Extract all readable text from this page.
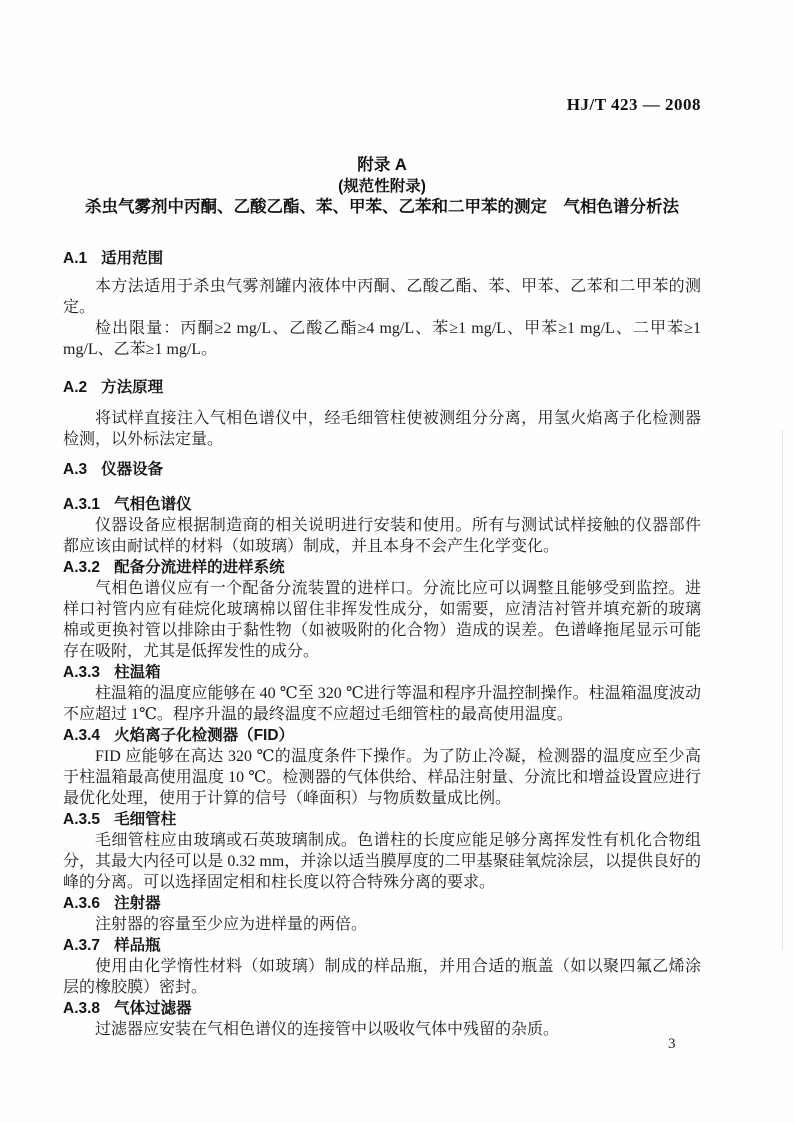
HJ/T 423 — 2008
附录 A
(规范性附录)
杀虫气雾剂中丙酮、乙酸乙酯、苯、甲苯、乙苯和二甲苯的测定　气相色谱分析法
A.1 适用范围

本方法适用于杀虫气雾剂罐内液体中丙酮、乙酸乙酯、苯、甲苯、乙苯和二甲苯的测定。

检出限量：丙酮≥2 mg/L、乙酸乙酯≥4 mg/L、苯≥1 mg/L、甲苯≥1 mg/L、二甲苯≥1 mg/L、乙苯≥1 mg/L。

A.2 方法原理

将试样直接注入气相色谱仪中，经毛细管柱使被测组分分离，用氢火焰离子化检测器检测，以外标法定量。

A.3 仪器设备
A.3.1 气相色谱仪

仪器设备应根据制造商的相关说明进行安装和使用。所有与测试试样接触的仪器部件都应该由耐试样的材料（如玻璃）制成，并且本身不会产生化学变化。

A.3.2 配备分流进样的进样系统

气相色谱仪应有一个配备分流装置的进样口。分流比应可以调整且能够受到监控。进样口衬管内应有硅烷化玻璃棉以留住非挥发性成分，如需要，应清洁衬管并填充新的玻璃棉或更换衬管以排除由于黏性物（如被吸附的化合物）造成的误差。色谱峰拖尾显示可能存在吸附，尤其是低挥发性的成分。

A.3.3 柱温箱

柱温箱的温度应能够在 40 ℃至 320 ℃进行等温和程序升温控制操作。柱温箱温度波动不应超过 1℃。程序升温的最终温度不应超过毛细管柱的最高使用温度。

A.3.4 火焰离子化检测器（FID）

FID 应能够在高达 320 ℃的温度条件下操作。为了防止冷凝，检测器的温度应至少高于柱温箱最高使用温度 10 ℃。检测器的气体供给、样品注射量、分流比和增益设置应进行最优化处理，使用于计算的信号（峰面积）与物质数量成比例。

A.3.5 毛细管柱

毛细管柱应由玻璃或石英玻璃制成。色谱柱的长度应能足够分离挥发性有机化合物组分，其最大内径可以是 0.32 mm，并涂以适当膜厚度的二甲基聚硅氧烷涂层，以提供良好的峰的分离。可以选择固定相和柱长度以符合特殊分离的要求。

A.3.6 注射器

注射器的容量至少应为进样量的两倍。

A.3.7 样品瓶

使用由化学惰性材料（如玻璃）制成的样品瓶，并用合适的瓶盖（如以聚四氟乙烯涂层的橡胶膜）密封。

A.3.8 气体过滤器

过滤器应安装在气相色谱仪的连接管中以吸收气体中残留的杂质。

3
